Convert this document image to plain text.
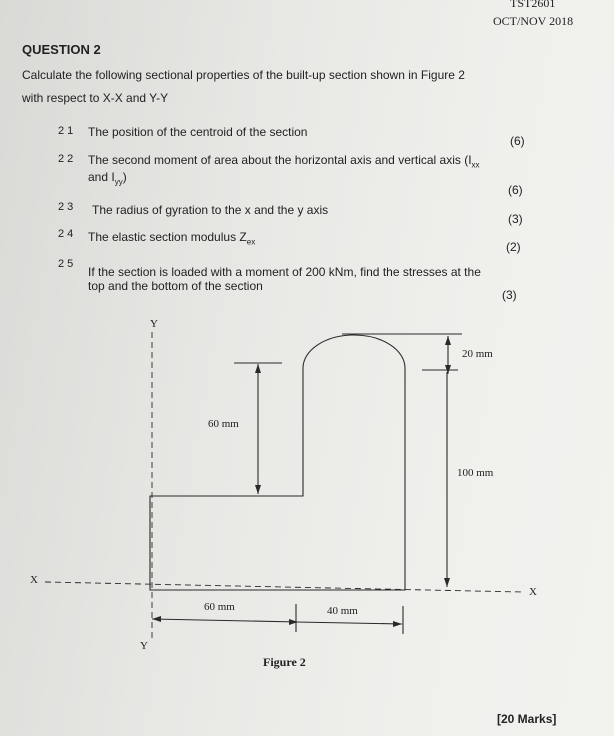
TST2601
OCT/NOV 2018
QUESTION 2
Calculate the following sectional properties of the built-up section shown in Figure 2
with respect to X-X and Y-Y
2 1 The position of the centroid of the section
(6)
2 2 The second moment of area about the horizontal axis and vertical axis ($I_{xx}$
and $I_{yy}$)
(6)
2 3 The radius of gyration to the x and the y axis
(3)
2 4 The elastic section modulus $Z_{ex}$	(2)
2 5
If the section is loaded with a moment of 200 kNm, find the stresses at the
top and the bottom of the section
(3)
Y
Y
X
X
60 mm
20 mm
100 mm
60 mm	40 mm
Figure 2
[20 Marks]
